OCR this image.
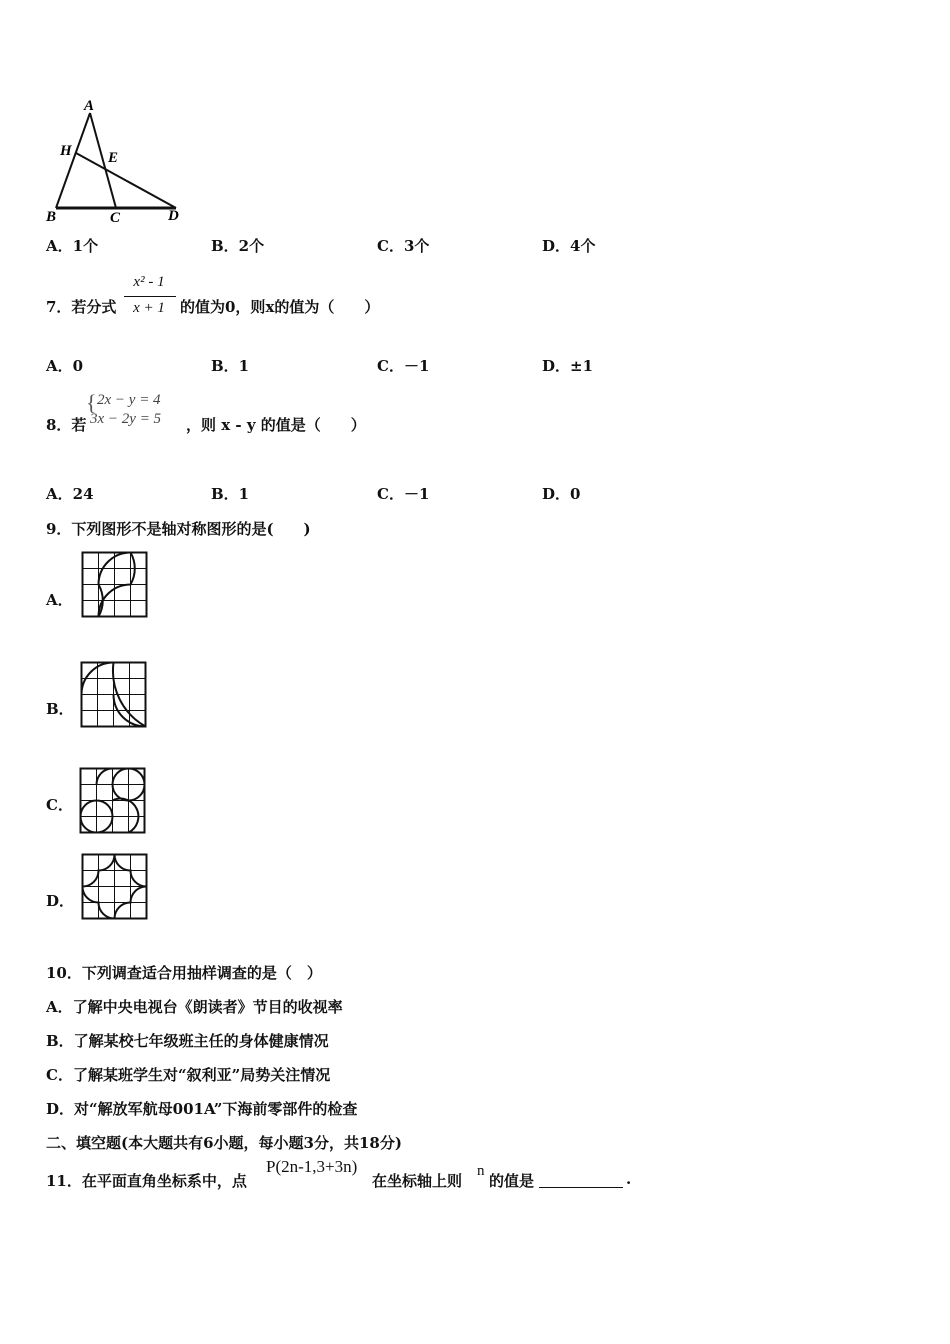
A
H E
B	C	D
A．1个	B．2个	C．3个	D．4个
7．若分式
x² - 1
x + 1	的值为0，则x的值为（　　）
A．0	B．1	C．－1	D．±1
8．若
{ 2x − y = 4
3x − 2y = 5 ，则 x - y 的值是（　　）
A．24	B．1	C．－1	D．0
9．下列图形不是轴对称图形的是(　　)
A．
B．
C．
D．
10．下列调查适合用抽样调查的是（　）
A．了解中央电视台《朗读者》节目的收视率
B．了解某校七年级班主任的身体健康情况
C．了解某班学生对“叙利亚”局势关注情况
D．对“解放军航母001A”下海前零部件的检查
二、填空题(本大题共有6小题，每小题3分，共18分)
11．在平面直角坐标系中，点
P(2n-1,3+3n)
在坐标轴上则
n
的值是	.
